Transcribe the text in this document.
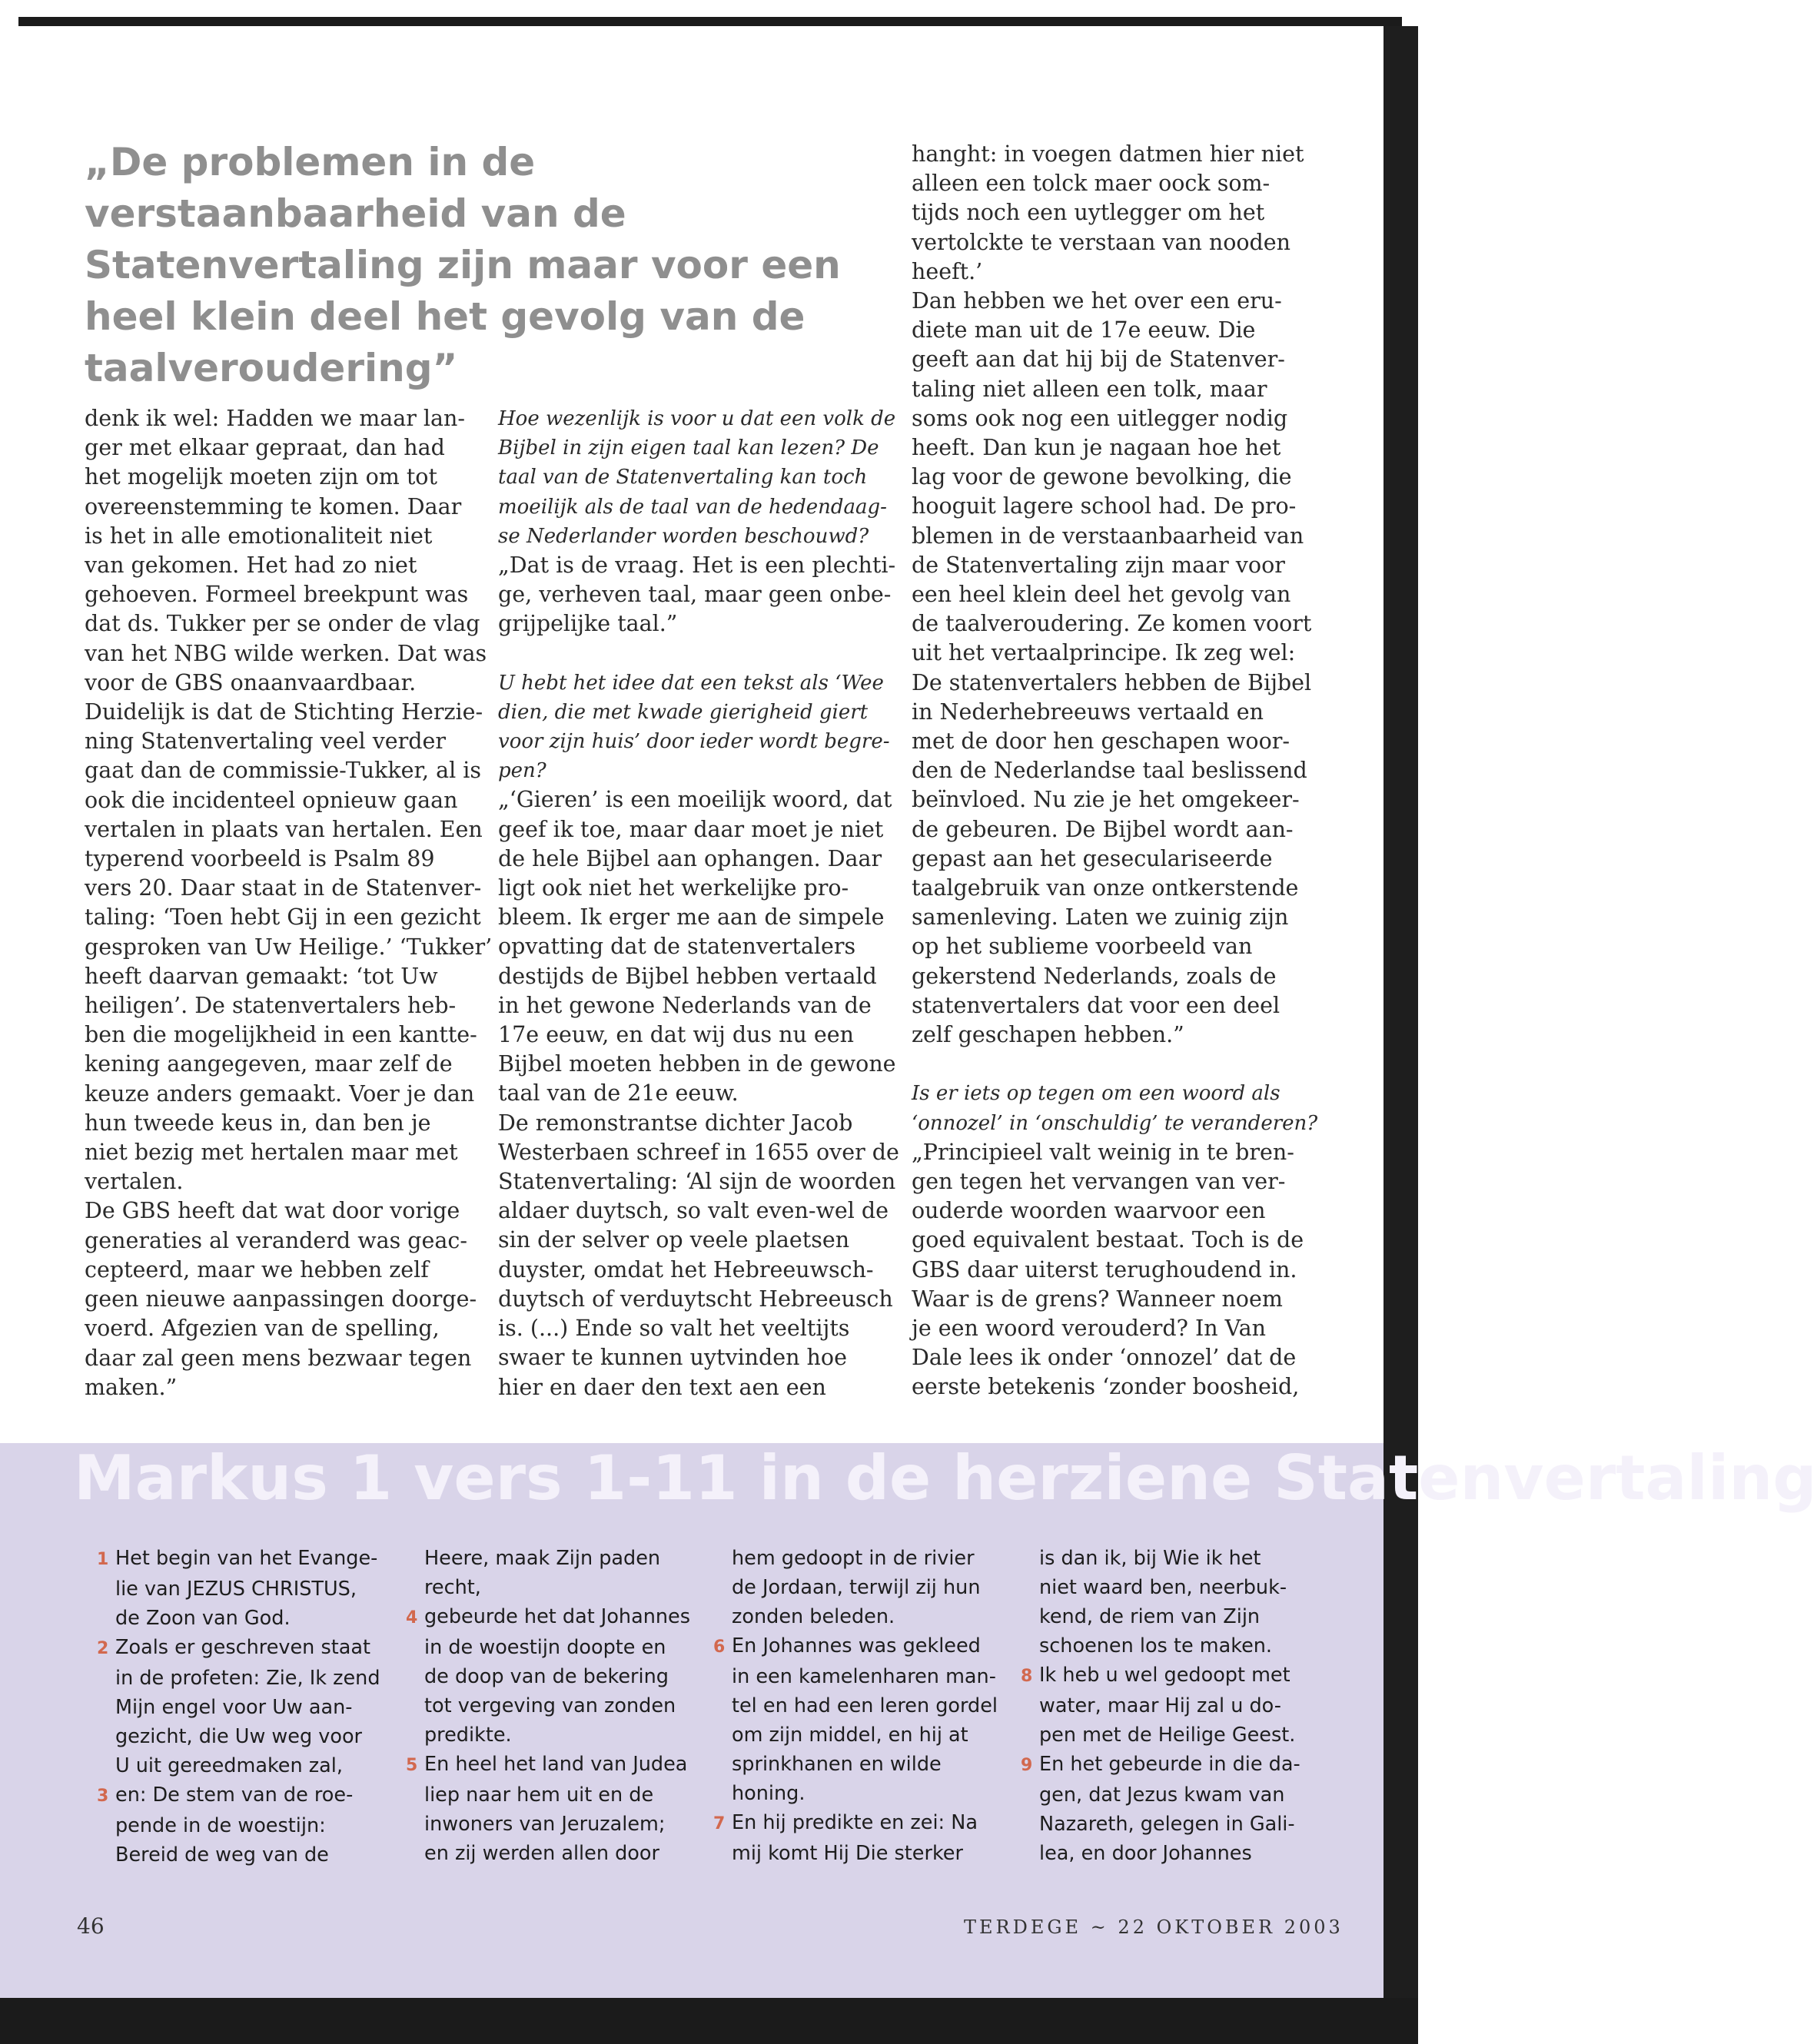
„De problemen in de verstaanbaarheid van de Statenvertaling zijn maar voor een heel klein deel het gevolg van de taalveroudering”

denk ik wel: Hadden we maar lan-

ger met elkaar gepraat, dan had

het mogelijk moeten zijn om tot

overeenstemming te komen. Daar

is het in alle emotionaliteit niet

van gekomen. Het had zo niet

gehoeven. Formeel breekpunt was

dat ds. Tukker per se onder de vlag

van het NBG wilde werken. Dat was

voor de GBS onaanvaardbaar.

Duidelijk is dat de Stichting Herzie-

ning Statenvertaling veel verder

gaat dan de commissie-Tukker, al is

ook die incidenteel opnieuw gaan

vertalen in plaats van hertalen. Een

typerend voorbeeld is Psalm 89

vers 20. Daar staat in de Statenver-

taling: ‘Toen hebt Gij in een gezicht

gesproken van Uw Heilige.’ ‘Tukker’

heeft daarvan gemaakt: ‘tot Uw

heiligen’. De statenvertalers heb-

ben die mogelijkheid in een kantte-

kening aangegeven, maar zelf de

keuze anders gemaakt. Voer je dan

hun tweede keus in, dan ben je

niet bezig met hertalen maar met

vertalen.

De GBS heeft dat wat door vorige

generaties al veranderd was geac-

cepteerd, maar we hebben zelf

geen nieuwe aanpassingen doorge-

voerd. Afgezien van de spelling,

daar zal geen mens bezwaar tegen

maken.”

Hoe wezenlijk is voor u dat een volk de

Bijbel in zijn eigen taal kan lezen? De

taal van de Statenvertaling kan toch

moeilijk als de taal van de hedendaag-

se Nederlander worden beschouwd?

„Dat is de vraag. Het is een plechti-

ge, verheven taal, maar geen onbe-

grijpelijke taal.”

U hebt het idee dat een tekst als ‘Wee

dien, die met kwade gierigheid giert

voor zijn huis’ door ieder wordt begre-

pen?

„‘Gieren’ is een moeilijk woord, dat

geef ik toe, maar daar moet je niet

de hele Bijbel aan ophangen. Daar

ligt ook niet het werkelijke pro-

bleem. Ik erger me aan de simpele

opvatting dat de statenvertalers

destijds de Bijbel hebben vertaald

in het gewone Nederlands van de

17e eeuw, en dat wij dus nu een

Bijbel moeten hebben in de gewone

taal van de 21e eeuw.

De remonstrantse dichter Jacob

Westerbaen schreef in 1655 over de

Statenvertaling: ‘Al sijn de woorden

aldaer duytsch, so valt even-wel de

sin der selver op veele plaetsen

duyster, omdat het Hebreeuwsch-

duytsch of verduytscht Hebreeusch

is. (...) Ende so valt het veeltijts

swaer te kunnen uytvinden hoe

hier en daer den text aen een

hanght: in voegen datmen hier niet

alleen een tolck maer oock som-

tijds noch een uytlegger om het

vertolckte te verstaan van nooden

heeft.’

Dan hebben we het over een eru-

diete man uit de 17e eeuw. Die

geeft aan dat hij bij de Statenver-

taling niet alleen een tolk, maar

soms ook nog een uitlegger nodig

heeft. Dan kun je nagaan hoe het

lag voor de gewone bevolking, die

hooguit lagere school had. De pro-

blemen in de verstaanbaarheid van

de Statenvertaling zijn maar voor

een heel klein deel het gevolg van

de taalveroudering. Ze komen voort

uit het vertaalprincipe. Ik zeg wel:

De statenvertalers hebben de Bijbel

in Nederhebreeuws vertaald en

met de door hen geschapen woor-

den de Nederlandse taal beslissend

beïnvloed. Nu zie je het omgekeer-

de gebeuren. De Bijbel wordt aan-

gepast aan het geseculariseerde

taalgebruik van onze ontkerstende

samenleving. Laten we zuinig zijn

op het sublieme voorbeeld van

gekerstend Nederlands, zoals de

statenvertalers dat voor een deel

zelf geschapen hebben.”

Is er iets op tegen om een woord als

‘onnozel’ in ‘onschuldig’ te veranderen?

„Principieel valt weinig in te bren-

gen tegen het vervangen van ver-

ouderde woorden waarvoor een

goed equivalent bestaat. Toch is de

GBS daar uiterst terughoudend in.

Waar is de grens? Wanneer noem

je een woord verouderd? In Van

Dale lees ik onder ‘onnozel’ dat de

eerste betekenis ‘zonder boosheid,

Markus 1 vers 1-11 in de herziene Statenvertaling

1 Het begin van het Evange-

lie van JEZUS CHRISTUS,

de Zoon van God.

2 Zoals er geschreven staat

in de profeten: Zie, Ik zend

Mijn engel voor Uw aan-

gezicht, die Uw weg voor

U uit gereedmaken zal,

3 en: De stem van de roe-

pende in de woestijn:

Bereid de weg van de

Heere, maak Zijn paden

recht,

4 gebeurde het dat Johannes

in de woestijn doopte en

de doop van de bekering

tot vergeving van zonden

predikte.

5 En heel het land van Judea

liep naar hem uit en de

inwoners van Jeruzalem;

en zij werden allen door

hem gedoopt in de rivier

de Jordaan, terwijl zij hun

zonden beleden.

6 En Johannes was gekleed

in een kamelenharen man-

tel en had een leren gordel

om zijn middel, en hij at

sprinkhanen en wilde

honing.

7 En hij predikte en zei: Na

mij komt Hij Die sterker

is dan ik, bij Wie ik het

niet waard ben, neerbuk-

kend, de riem van Zijn

schoenen los te maken.

8 Ik heb u wel gedoopt met

water, maar Hij zal u do-

pen met de Heilige Geest.

9 En het gebeurde in die da-

gen, dat Jezus kwam van

Nazareth, gelegen in Gali-

lea, en door Johannes

46	TERDEGE ~ 22 OKTOBER 2003
